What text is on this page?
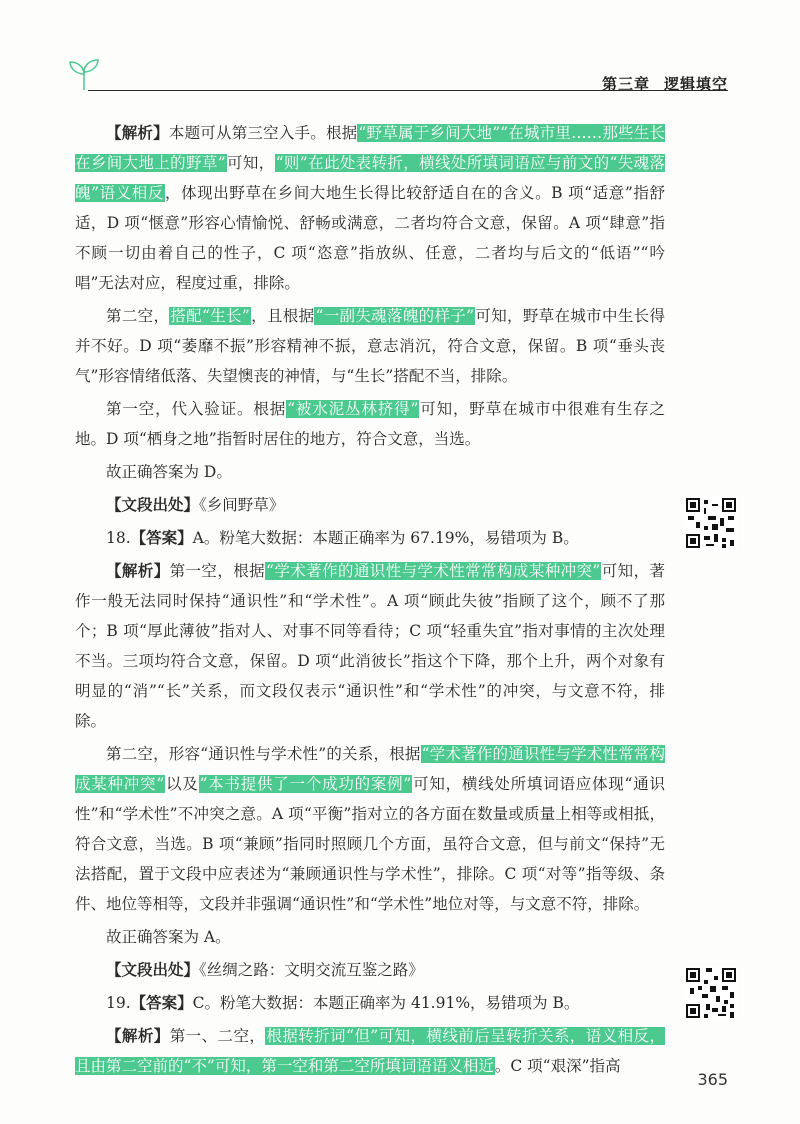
第三章 逻辑填空

【解析】本题可从第三空入手。根据“野草属于乡间大地”“在城市里……那些生长在乡间大地上的野草”可知，“则”在此处表转折，横线处所填词语应与前文的“失魂落魄”语义相反，体现出野草在乡间大地生长得比较舒适自在的含义。B 项“适意”指舒适，D 项“惬意”形容心情愉悦、舒畅或满意，二者均符合文意，保留。A 项“肆意”指不顾一切由着自己的性子，C 项“恣意”指放纵、任意，二者均与后文的“低语”“吟唱”无法对应，程度过重，排除。

第二空，搭配“生长”，且根据“一副失魂落魄的样子”可知，野草在城市中生长得并不好。D 项“萎靡不振”形容精神不振，意志消沉，符合文意，保留。B 项“垂头丧气”形容情绪低落、失望懊丧的神情，与“生长”搭配不当，排除。

第一空，代入验证。根据“被水泥丛林挤得”可知，野草在城市中很难有生存之地。D 项“栖身之地”指暂时居住的地方，符合文意，当选。

故正确答案为 D。

【文段出处】《乡间野草》

18.【答案】A。粉笔大数据：本题正确率为 67.19%，易错项为 B。

【解析】第一空，根据“学术著作的通识性与学术性常常构成某种冲突”可知，著作一般无法同时保持“通识性”和“学术性”。A 项“顾此失彼”指顾了这个，顾不了那个；B 项“厚此薄彼”指对人、对事不同等看待；C 项“轻重失宜”指对事情的主次处理不当。三项均符合文意，保留。D 项“此消彼长”指这个下降，那个上升，两个对象有明显的“消”“长”关系，而文段仅表示“通识性”和“学术性”的冲突，与文意不符，排除。

第二空，形容“通识性与学术性”的关系，根据“学术著作的通识性与学术性常常构成某种冲突”以及“本书提供了一个成功的案例”可知，横线处所填词语应体现“通识性”和“学术性”不冲突之意。A 项“平衡”指对立的各方面在数量或质量上相等或相抵，符合文意，当选。B 项“兼顾”指同时照顾几个方面，虽符合文意，但与前文“保持”无法搭配，置于文段中应表述为“兼顾通识性与学术性”，排除。C 项“对等”指等级、条件、地位等相等，文段并非强调“通识性”和“学术性”地位对等，与文意不符，排除。

故正确答案为 A。

【文段出处】《丝绸之路：文明交流互鉴之路》

19.【答案】C。粉笔大数据：本题正确率为 41.91%，易错项为 B。

【解析】第一、二空，根据转折词“但”可知，横线前后呈转折关系，语义相反，且由第二空前的“不”可知，第一空和第二空所填词语语义相近。C 项“艰深”指高

365
